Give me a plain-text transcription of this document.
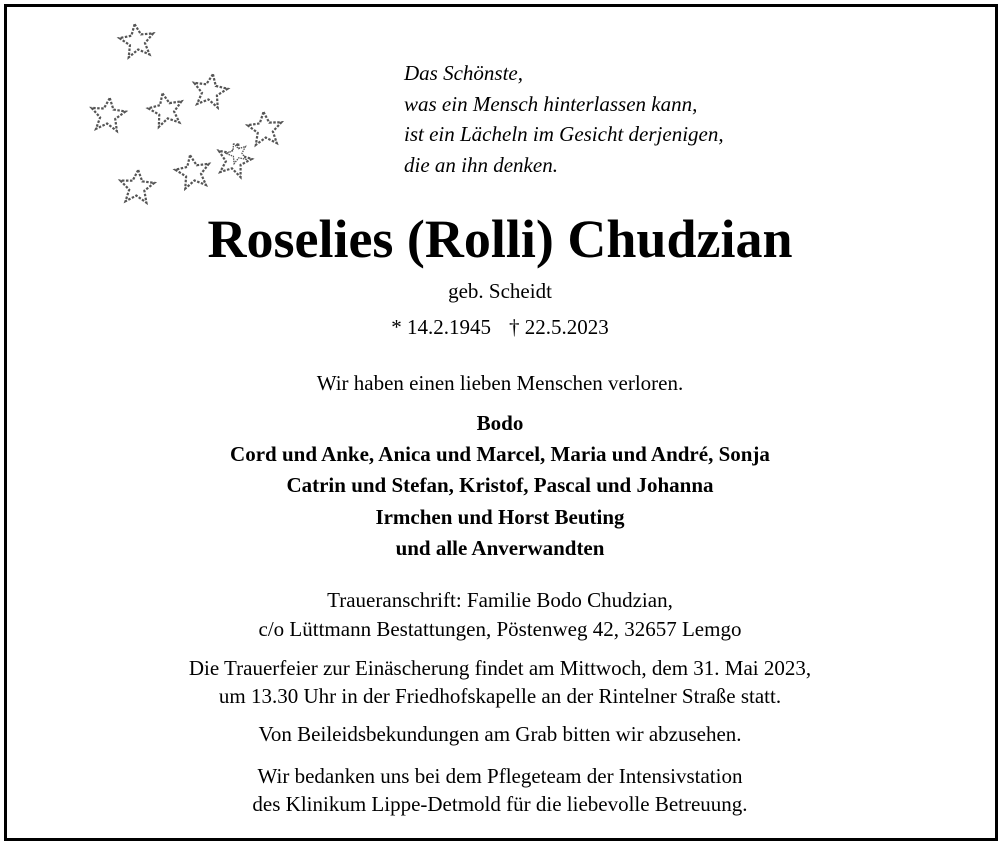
Das Schönste,
was ein Mensch hinterlassen kann,
ist ein Lächeln im Gesicht derjenigen,
die an ihn denken.
Roselies (Rolli) Chudzian
geb. Scheidt
* 14.2.1945 † 22.5.2023
Wir haben einen lieben Menschen verloren.
Bodo
Cord und Anke, Anica und Marcel, Maria und André, Sonja
Catrin und Stefan, Kristof, Pascal und Johanna
Irmchen und Horst Beuting
und alle Anverwandten
Traueranschrift: Familie Bodo Chudzian,
c/o Lüttmann Bestattungen, Pöstenweg 42, 32657 Lemgo
Die Trauerfeier zur Einäscherung findet am Mittwoch, dem 31. Mai 2023,
um 13.30 Uhr in der Friedhofskapelle an der Rintelner Straße statt.
Von Beileidsbekundungen am Grab bitten wir abzusehen.
Wir bedanken uns bei dem Pflegeteam der Intensivstation
des Klinikum Lippe-Detmold für die liebevolle Betreuung.
